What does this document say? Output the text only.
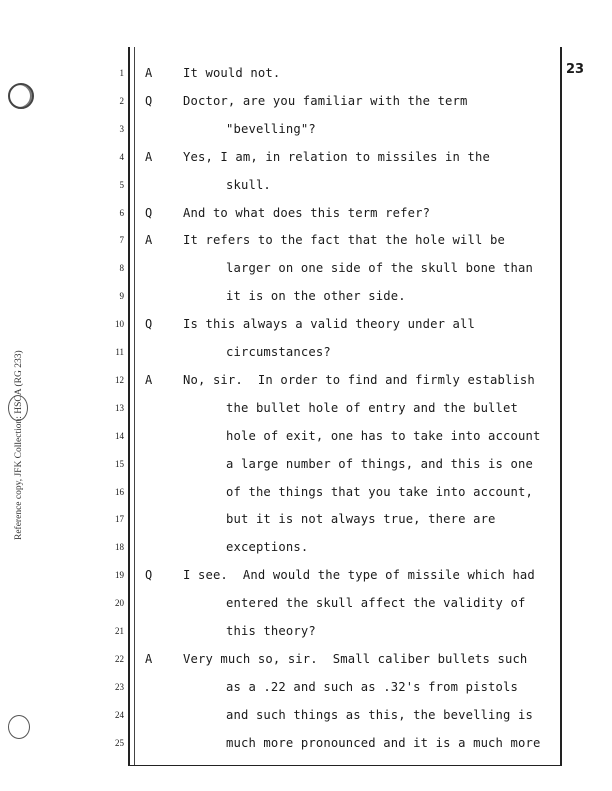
Reference copy, JFK Collection: HSCA (RG 233)
23
1 A	It would not.
2 Q	Doctor, are you familiar with the term
3	"bevelling"?
4 A	Yes, I am, in relation to missiles in the
5	skull.
6 Q	And to what does this term refer?
7 A	It refers to the fact that the hole will be
8	larger on one side of the skull bone than
9	it is on the other side.
10 Q	Is this always a valid theory under all
11	circumstances?
12 A	No, sir.  In order to find and firmly establish
13	the bullet hole of entry and the bullet
14	hole of exit, one has to take into account
15	a large number of things, and this is one
16	of the things that you take into account,
17	but it is not always true, there are
18	exceptions.
19 Q	I see.  And would the type of missile which had
20	entered the skull affect the validity of
21	this theory?
22 A	Very much so, sir.  Small caliber bullets such
23	as a .22 and such as .32's from pistols
24	and such things as this, the bevelling is
25	much more pronounced and it is a much more
